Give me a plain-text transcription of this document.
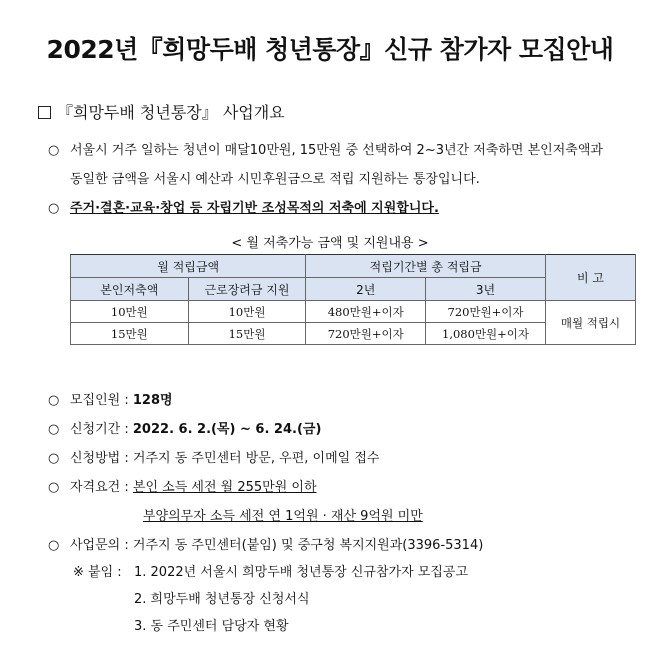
2022년『희망두배 청년통장』신규 참가자 모집안내
『희망두배 청년통장』 사업개요
○ 서울시 거주 일하는 청년이 매달10만원, 15만원 중 선택하여 2~3년간 저축하면 본인저축액과
동일한 금액을 서울시 예산과 시민후원금으로 적립 지원하는 통장입니다.
○ 주거·결혼·교육·창업 등 자립기반 조성목적의 저축에 지원합니다.
< 월 저축가능 금액 및 지원내용 >
월 적립금액		적립기간별 총 적립금		비 고
본인저축액	근로장려금 지원	2년	3년	
10만원	10만원	480만원+이자	720만원+이자	매월 적립시
15만원	15만원	720만원+이자	1,080만원+이자	
○ 모집인원 : 128명
○ 신청기간 : 2022. 6. 2.(목) ~ 6. 24.(금)
○ 신청방법 : 거주지 동 주민센터 방문, 우편, 이메일 접수
○ 자격요건 : 본인 소득 세전 월 255만원 이하
부양의무자 소득 세전 연 1억원 · 재산 9억원 미만
○ 사업문의 : 거주지 동 주민센터(붙임) 및 중구청 복지지원과(3396-5314)
※ 붙임 : 1. 2022년 서울시 희망두배 청년통장 신규참가자 모집공고
2. 희망두배 청년통장 신청서식
3. 동 주민센터 담당자 현황
